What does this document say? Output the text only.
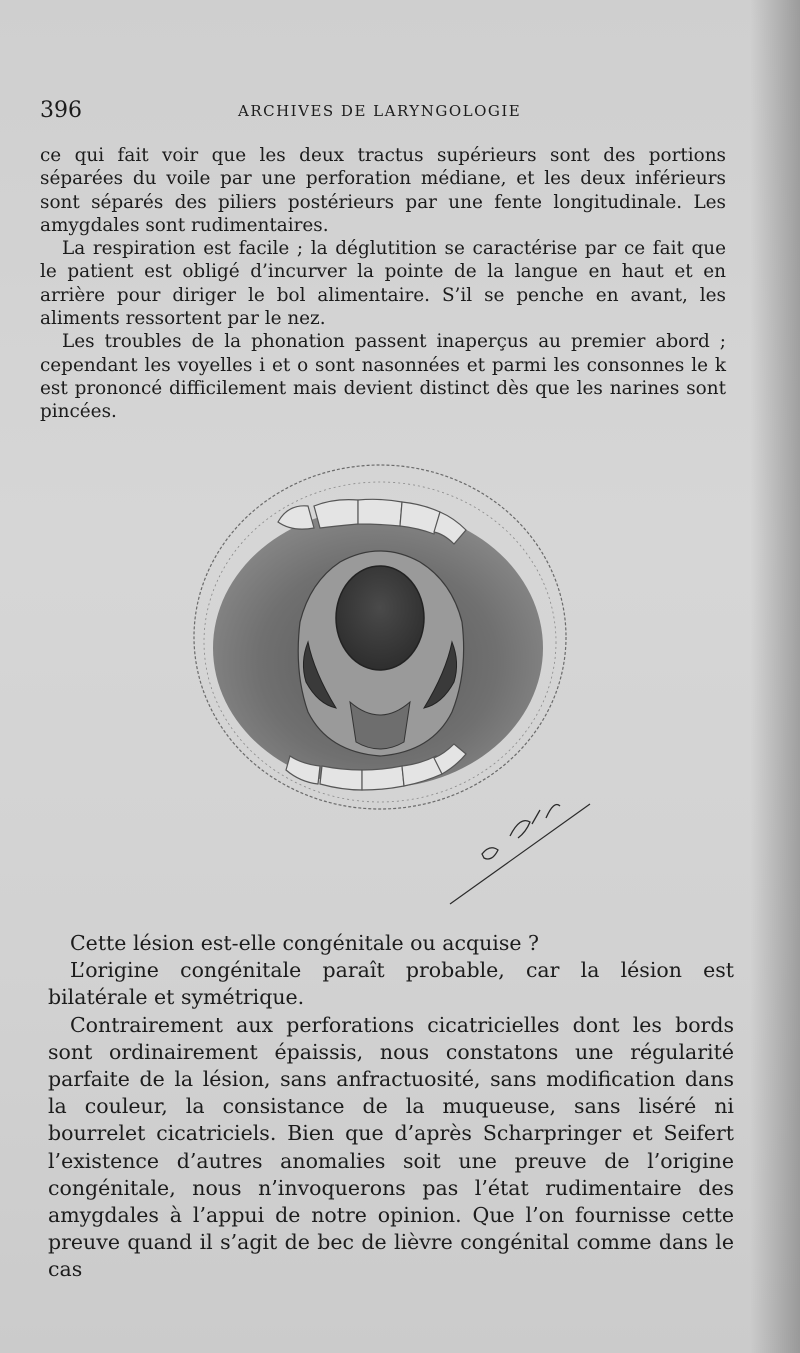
396	ARCHIVES DE LARYNGOLOGIE

ce qui fait voir que les deux tractus supérieurs sont des portions séparées du voile par une perforation médiane, et les deux inférieurs sont séparés des piliers postérieurs par une fente longitudinale. Les amygdales sont rudimentaires.

La respiration est facile ; la déglutition se caractérise par ce fait que le patient est obligé d’incurver la pointe de la langue en haut et en arrière pour diriger le bol alimentaire. S’il se penche en avant, les aliments ressortent par le nez.

Les troubles de la phonation passent inaperçus au premier abord ; cependant les voyelles i et o sont nasonnées et parmi les consonnes le k est prononcé difficilement mais devient distinct dès que les narines sont pincées.

Cette lésion est-elle congénitale ou acquise ?

L’origine congénitale paraît probable, car la lésion est bilatérale et symétrique.

Contrairement aux perforations cicatricielles dont les bords sont ordinairement épaissis, nous constatons une régularité parfaite de la lésion, sans anfractuosité, sans modification dans la couleur, la consistance de la muqueuse, sans liséré ni bourrelet cicatriciels. Bien que d’après Scharpringer et Seifert l’existence d’autres anomalies soit une preuve de l’origine congénitale, nous n’invoquerons pas l’état rudimentaire des amygdales à l’appui de notre opinion. Que l’on fournisse cette preuve quand il s’agit de bec de lièvre congénital comme dans le cas
